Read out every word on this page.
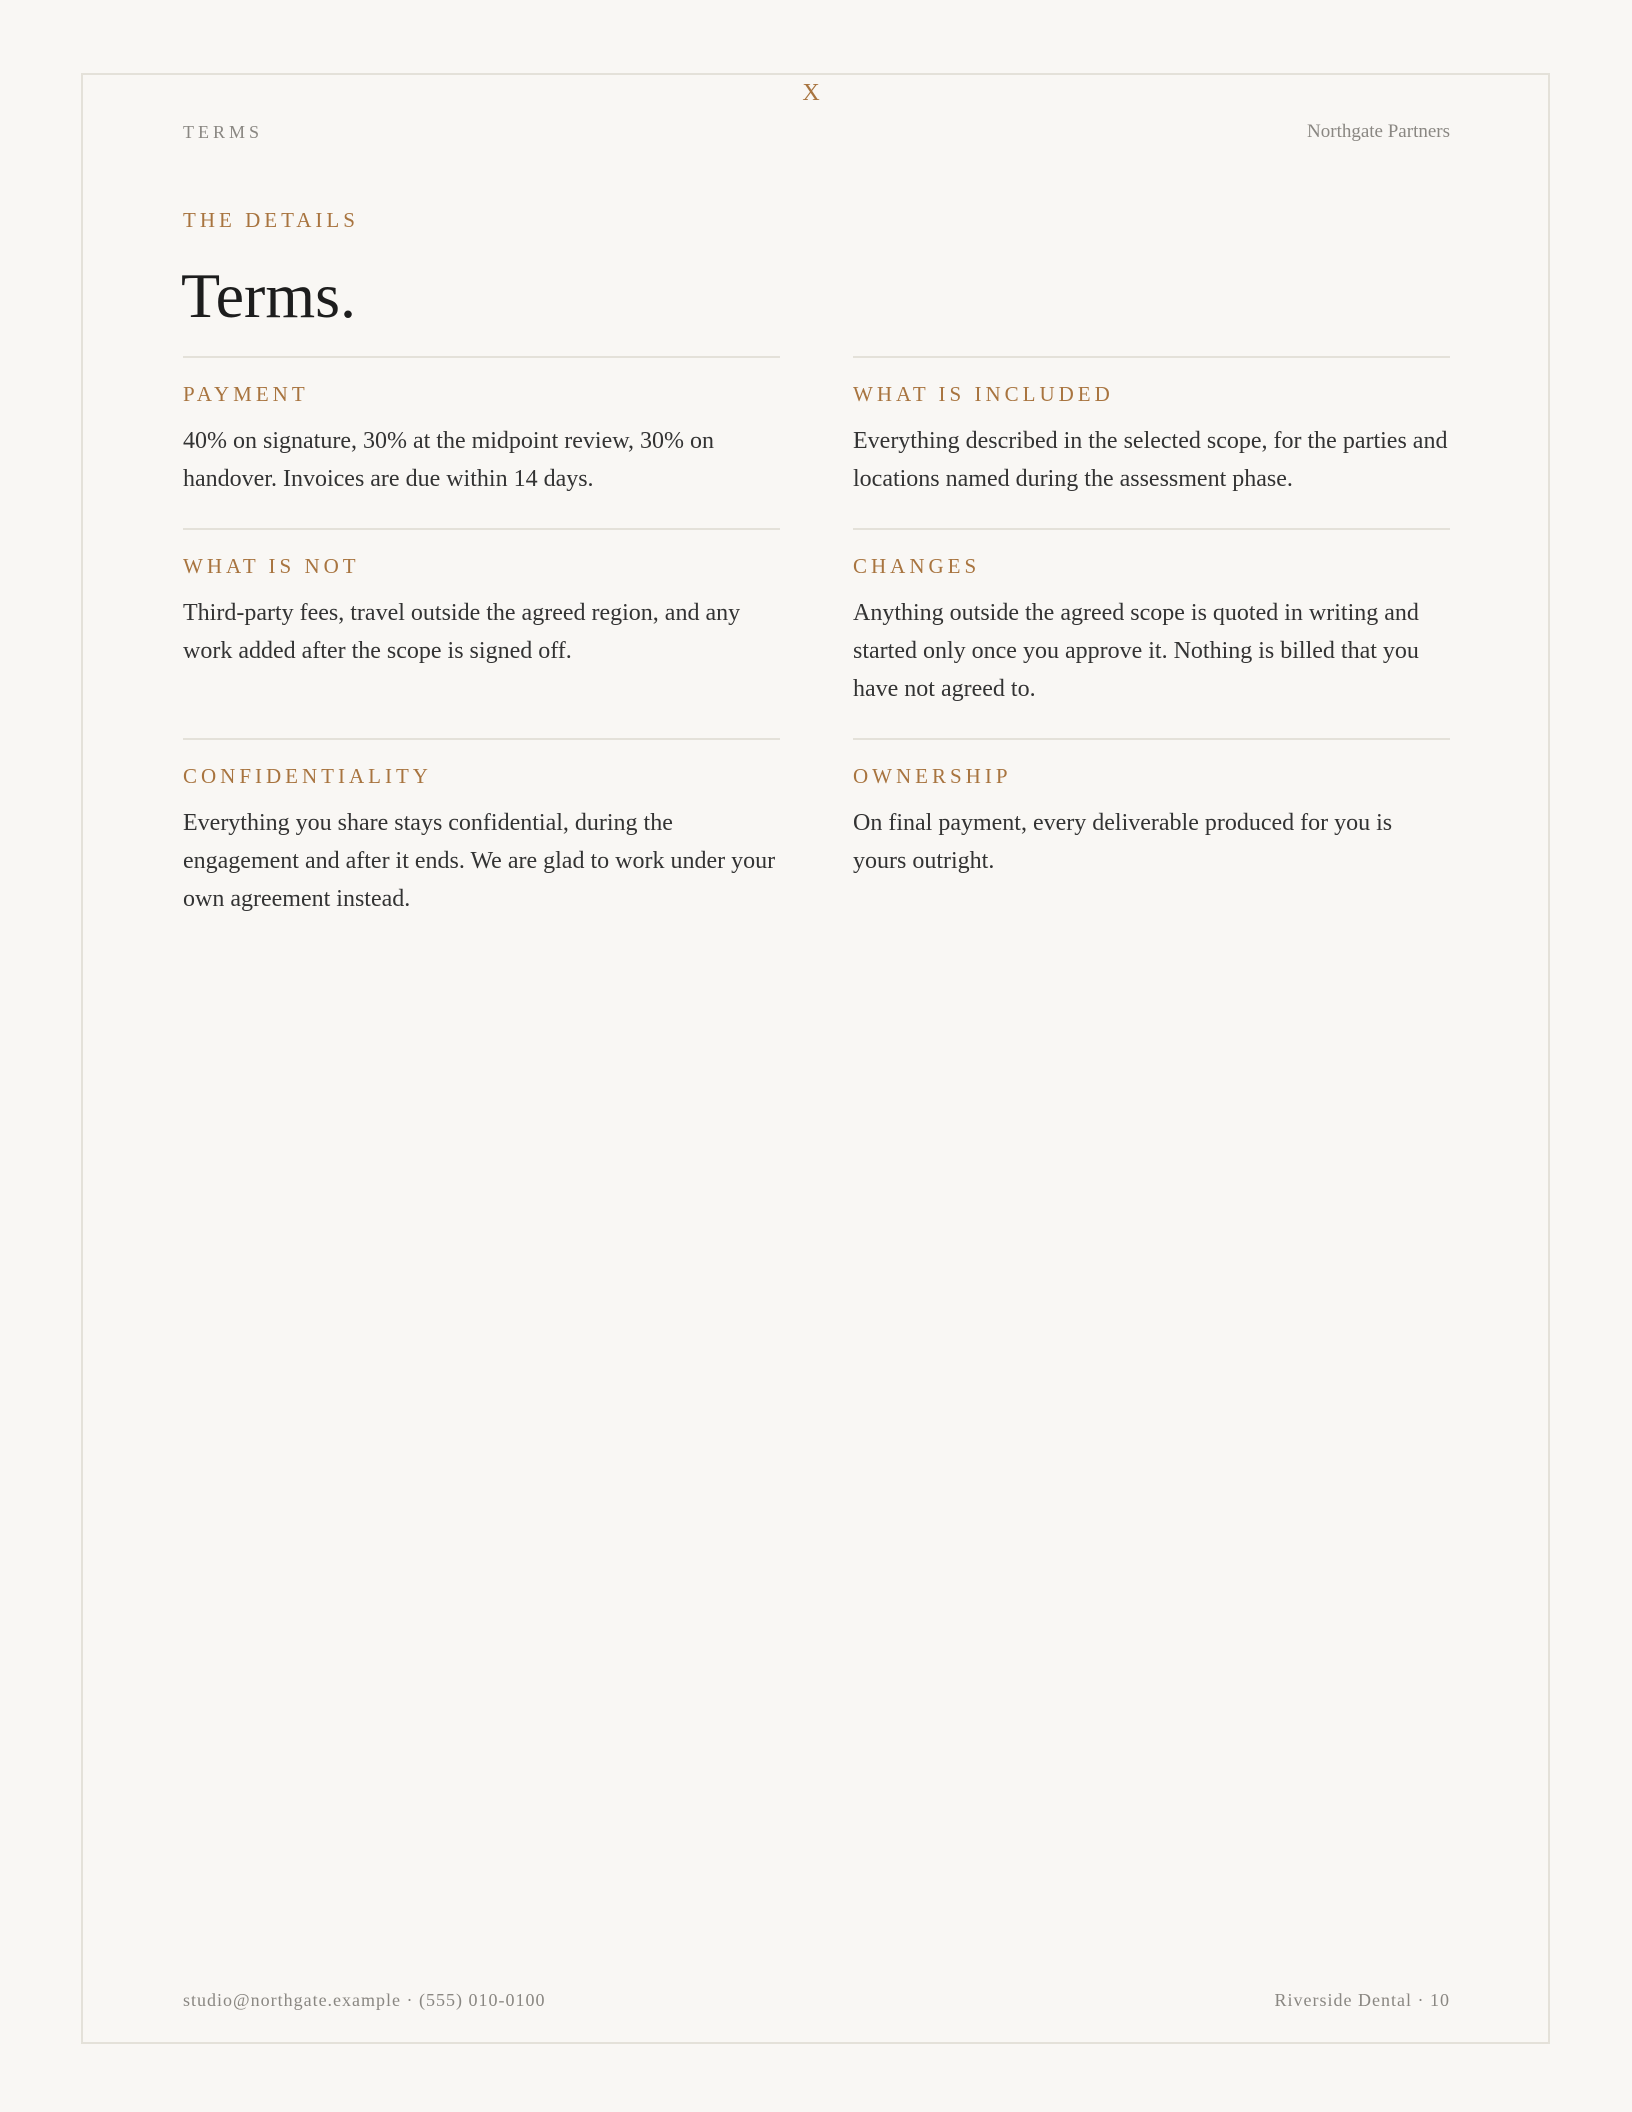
X
TERMS	Northgate Partners
THE DETAILS
Terms.
PAYMENT
40% on signature, 30% at the midpoint review, 30% on handover. Invoices are due within 14 days.
WHAT IS INCLUDED
Everything described in the selected scope, for the parties and locations named during the assessment phase.
WHAT IS NOT
Third-party fees, travel outside the agreed region, and any work added after the scope is signed off.
CHANGES
Anything outside the agreed scope is quoted in writing and started only once you approve it. Nothing is billed that you have not agreed to.
CONFIDENTIALITY
Everything you share stays confidential, during the engagement and after it ends. We are glad to work under your own agreement instead.
OWNERSHIP
On final payment, every deliverable produced for you is yours outright.
studio@northgate.example · (555) 010-0100	Riverside Dental · 10
